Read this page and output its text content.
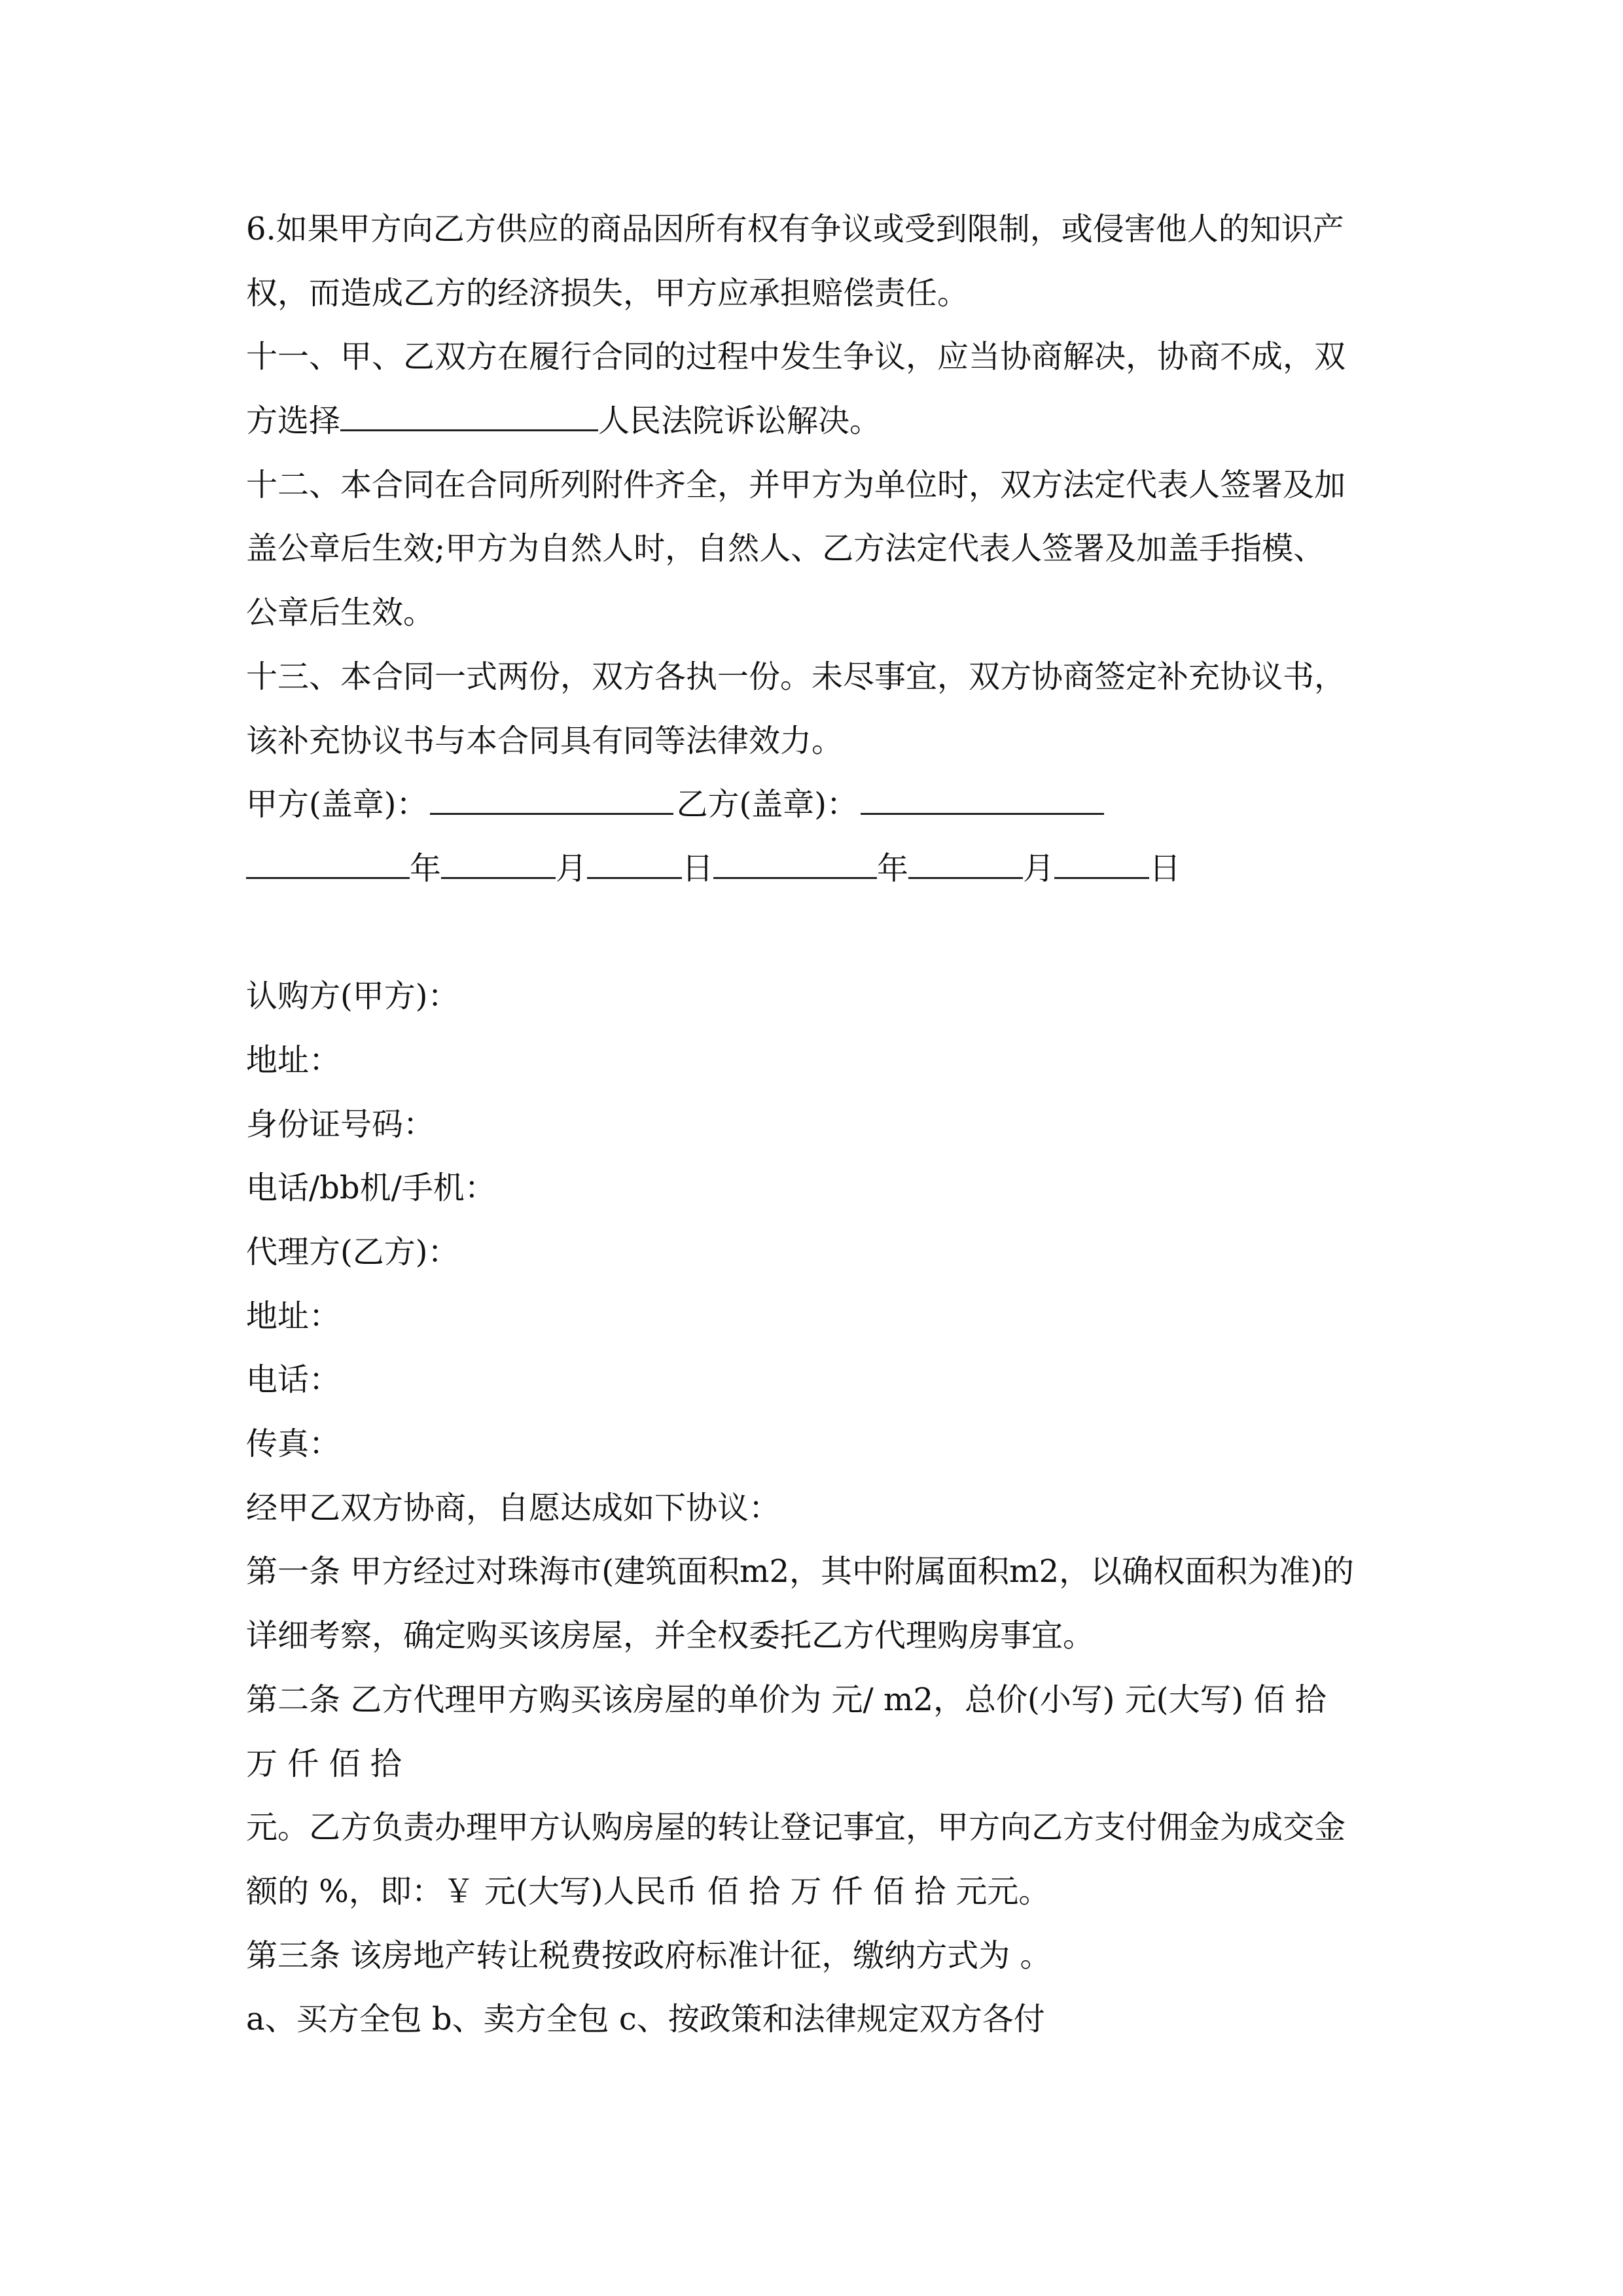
6.如果甲方向乙方供应的商品因所有权有争议或受到限制，或侵害他人的知识产
权，而造成乙方的经济损失，甲方应承担赔偿责任。
十一、甲、乙双方在履行合同的过程中发生争议，应当协商解决，协商不成，双
方选择	人民法院诉讼解决。
十二、本合同在合同所列附件齐全，并甲方为单位时，双方法定代表人签署及加
盖公章后生效;甲方为自然人时，自然人、乙方法定代表人签署及加盖手指模、
公章后生效。
十三、本合同一式两份，双方各执一份。未尽事宜，双方协商签定补充协议书，
该补充协议书与本合同具有同等法律效力。
甲方(盖章)：	乙方(盖章)：
年	月	日	年	月	日
认购方(甲方)：
地址：
身份证号码：
电话/bb机/手机：
代理方(乙方)：
地址：
电话：
传真：
经甲乙双方协商，自愿达成如下协议：
第一条 甲方经过对珠海市(建筑面积m2，其中附属面积m2，以确权面积为准)的
详细考察，确定购买该房屋，并全权委托乙方代理购房事宜。
第二条 乙方代理甲方购买该房屋的单价为 元/ m2，总价(小写) 元(大写) 佰 拾
万 仟 佰 拾
元。乙方负责办理甲方认购房屋的转让登记事宜，甲方向乙方支付佣金为成交金
额的 %，即：￥ 元(大写)人民币 佰 拾 万 仟 佰 拾 元元。
第三条 该房地产转让税费按政府标准计征，缴纳方式为 。
a、买方全包 b、卖方全包 c、按政策和法律规定双方各付
